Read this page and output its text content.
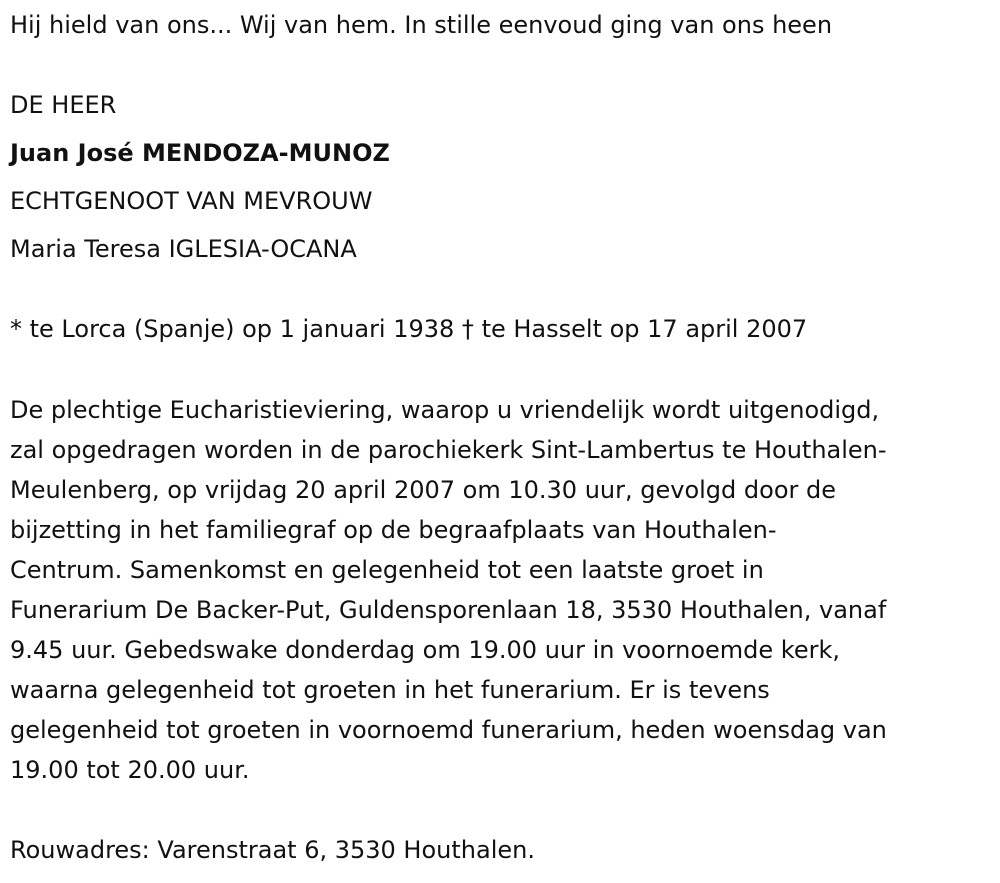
Hij hield van ons... Wij van hem. In stille eenvoud ging van ons heen
DE HEER
Juan José MENDOZA-MUNOZ
ECHTGENOOT VAN MEVROUW
Maria Teresa IGLESIA-OCANA
* te Lorca (Spanje) op 1 januari 1938 † te Hasselt op 17 april 2007
De plechtige Eucharistieviering, waarop u vriendelijk wordt uitgenodigd,
zal opgedragen worden in de parochiekerk Sint-Lambertus te Houthalen-
Meulenberg, op vrijdag 20 april 2007 om 10.30 uur, gevolgd door de
bijzetting in het familiegraf op de begraafplaats van Houthalen-
Centrum. Samenkomst en gelegenheid tot een laatste groet in
Funerarium De Backer-Put, Guldensporenlaan 18, 3530 Houthalen, vanaf
9.45 uur. Gebedswake donderdag om 19.00 uur in voornoemde kerk,
waarna gelegenheid tot groeten in het funerarium. Er is tevens
gelegenheid tot groeten in voornoemd funerarium, heden woensdag van
19.00 tot 20.00 uur.
Rouwadres: Varenstraat 6, 3530 Houthalen.
